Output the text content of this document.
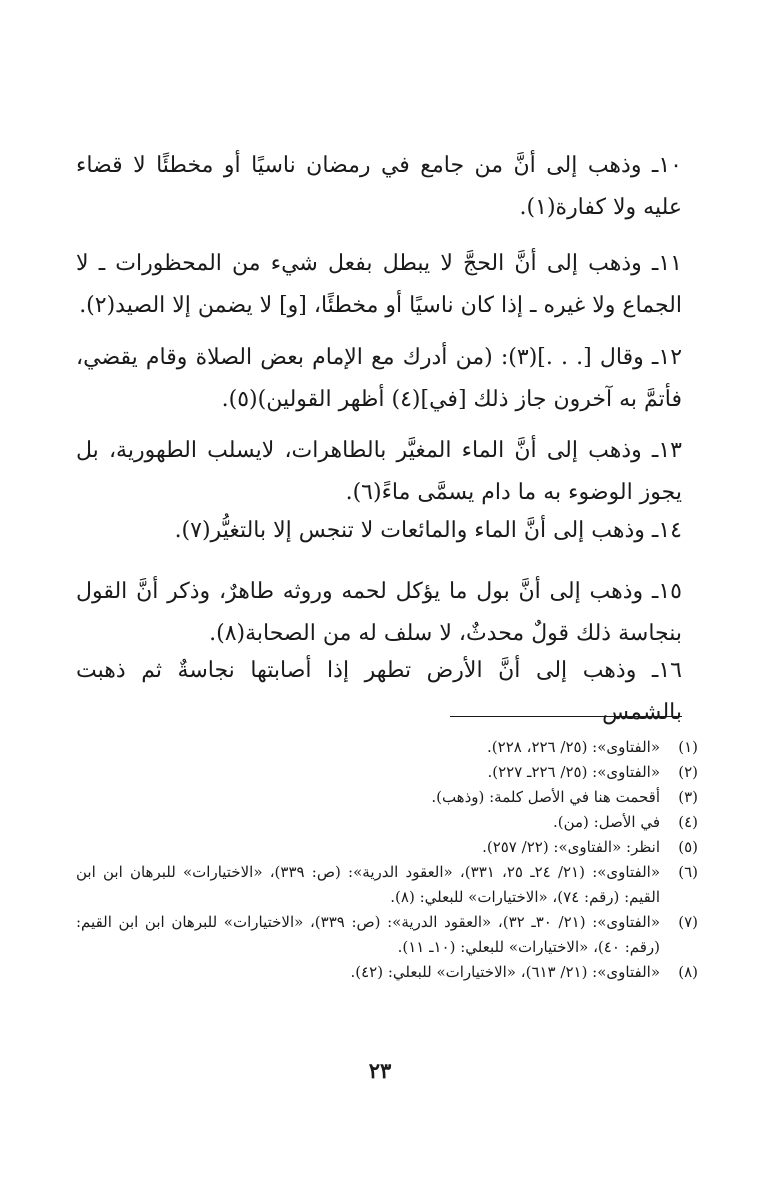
١٠ـ وذهب إلى أنَّ من جامع في رمضان ناسيًا أو مخطئًا لا قضاء عليه ولا كفارة(١).

١١ـ وذهب إلى أنَّ الحجَّ لا يبطل بفعل شيء من المحظورات ـ لا الجماع ولا غيره ـ إذا كان ناسيًا أو مخطئًا، [و] لا يضمن إلا الصيد(٢).

١٢ـ وقال [. . .](٣): (من أدرك مع الإمام بعض الصلاة وقام يقضي، فأتمَّ به آخرون جاز ذلك [في](٤) أظهر القولين)(٥).

١٣ـ وذهب إلى أنَّ الماء المغيَّر بالطاهرات، لايسلب الطهورية، بل يجوز الوضوء به ما دام يسمَّى ماءً(٦).

١٤ـ وذهب إلى أنَّ الماء والمائعات لا تنجس إلا بالتغيُّر(٧).

١٥ـ وذهب إلى أنَّ بول ما يؤكل لحمه وروثه طاهرٌ، وذكر أنَّ القول بنجاسة ذلك قولٌ محدثٌ، لا سلف له من الصحابة(٨).

١٦ـ وذهب إلى أنَّ الأرض تطهر إذا أصابتها نجاسةٌ ثم ذهبت بالشمس

(١)
«الفتاوى»: (٢٥/ ٢٢٦، ٢٢٨).
(٢)
«الفتاوى»: (٢٥/ ٢٢٦ـ ٢٢٧).
(٣)
أقحمت هنا في الأصل كلمة: (وذهب).
(٤)
في الأصل: (من).
(٥)
انظر: «الفتاوى»: (٢٢/ ٢٥٧).
(٦)
«الفتاوى»: (٢١/ ٢٤ـ ٢٥، ٣٣١)، «العقود الدرية»: (ص: ٣٣٩)، «الاختيارات» للبرهان ابن ابن القيم: (رقم: ٧٤)، «الاختيارات» للبعلي: (٨).
(٧)
«الفتاوى»: (٢١/ ٣٠ـ ٣٢)، «العقود الدرية»: (ص: ٣٣٩)، «الاختيارات» للبرهان ابن ابن القيم: (رقم: ٤٠)، «الاختيارات» للبعلي: (١٠ـ ١١).
(٨)
«الفتاوى»: (٢١/ ٦١٣)، «الاختيارات» للبعلي: (٤٢).
٢٣
